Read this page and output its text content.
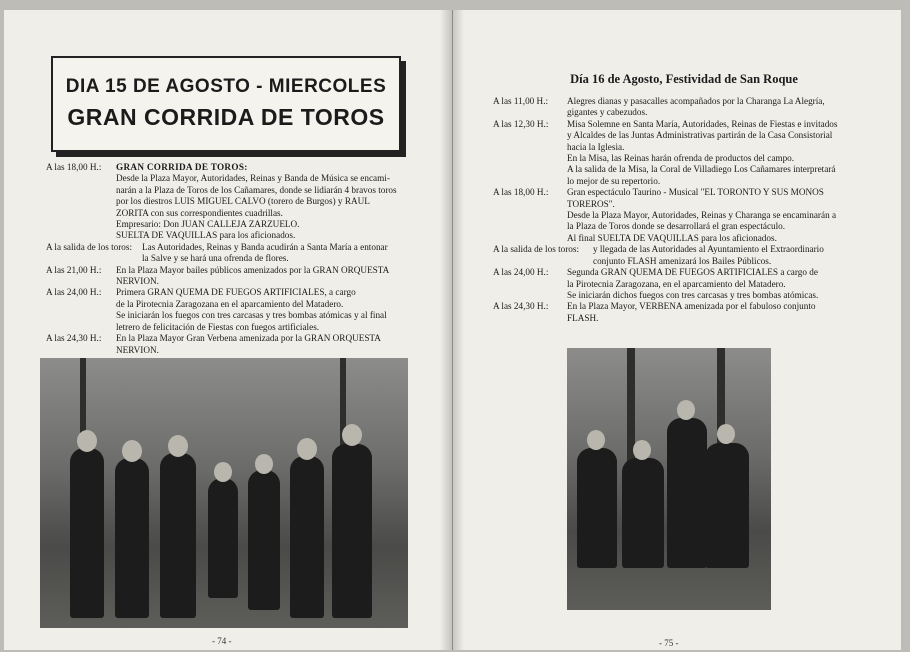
DIA 15 DE AGOSTO - MIERCOLES
GRAN CORRIDA DE TOROS
A las 18,00 H.:	GRAN CORRIDA DE TOROS:
Desde la Plaza Mayor, Autoridades, Reinas y Banda de Música se encami-
narán a la Plaza de Toros de los Cañamares, donde se lidiarán 4 bravos toros
por los diestros LUIS MIGUEL CALVO (torero de Burgos) y RAUL
ZORITA con sus correspondientes cuadrillas.
Empresario: Don JUAN CALLEJA ZARZUELO.
SUELTA DE VAQUILLAS para los aficionados.
A la salida de los toros:	Las Autoridades, Reinas y Banda acudirán a Santa María a entonar
la Salve y se hará una ofrenda de flores.
A las 21,00 H.:	En la Plaza Mayor bailes públicos amenizados por la GRAN ORQUESTA
NERVION.
A las 24,00 H.:	Primera GRAN QUEMA DE FUEGOS ARTIFICIALES, a cargo
de la Pirotecnia Zaragozana en el aparcamiento del Matadero.
Se iniciarán los fuegos con tres carcasas y tres bombas atómicas y al final
letrero de felicitación de Fiestas con fuegos artificiales.
A las 24,30 H.:	En la Plaza Mayor Gran Verbena amenizada por la GRAN ORQUESTA
NERVION.
- 74 -
Día 16 de Agosto, Festividad de San Roque
A las 11,00 H.:	Alegres dianas y pasacalles acompañados por la Charanga La Alegría,
gigantes y cabezudos.
A las 12,30 H.:	Misa Solemne en Santa María, Autoridades, Reinas de Fiestas e invitados
y Alcaldes de las Juntas Administrativas partirán de la Casa Consistorial
hacia la Iglesia.
En la Misa, las Reinas harán ofrenda de productos del campo.
A la salida de la Misa, la Coral de Villadiego Los Cañamares interpretará
lo mejor de su repertorio.
A las 18,00 H.:	Gran espectáculo Taurino - Musical "EL TORONTO Y SUS MONOS
TOREROS".
Desde la Plaza Mayor, Autoridades, Reinas y Charanga se encaminarán a
la Plaza de Toros donde se desarrollará el gran espectáculo.
Al final SUELTA DE VAQUILLAS para los aficionados.
A la salida de los toros:	y llegada de las Autoridades al Ayuntamiento el Extraordinario
conjunto FLASH amenizará los Bailes Públicos.
A las 24,00 H.:	Segunda GRAN QUEMA DE FUEGOS ARTIFICIALES a cargo de
la Pirotecnia Zaragozana, en el aparcamiento del Matadero.
Se iniciarán dichos fuegos con tres carcasas y tres bombas atómicas.
A las 24,30 H.:	En la Plaza Mayor, VERBENA amenizada por el fabuloso conjunto
FLASH.
- 75 -
